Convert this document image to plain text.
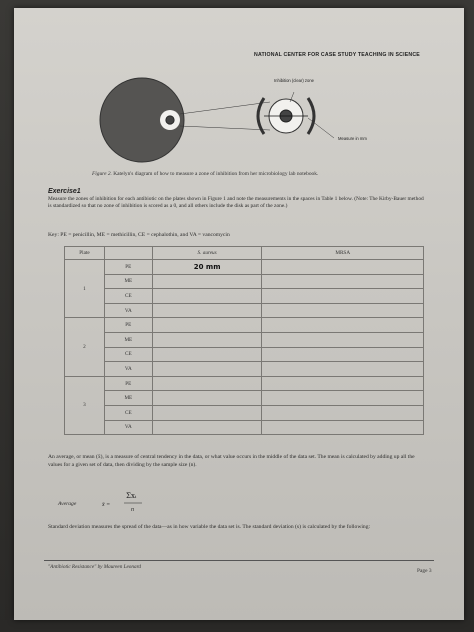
NATIONAL CENTER FOR CASE STUDY TEACHING IN SCIENCE
Inhibition (clear) zone
Measure in mm
Figure 2. Katelyn's diagram of how to measure a zone of inhibition from her microbiology lab notebook.
Exercise1
Measure the zones of inhibition for each antibiotic on the plates shown in Figure 1 and note the measurements in the spaces in Table 1 below. (Note: The Kirby-Bauer method is standardized so that no zone of inhibition is scored as a 0, and all others include the disk as part of the zone.)
Key: PE = penicillin, ME = methicillin, CE = cephalothin, and VA = vancomycin
Plate		S. aureus	MRSA
1	PE	20 mm	
	ME		
	CE		
	VA		
2	PE		
	ME		
	CE		
	VA		
3	PE		
	ME		
	CE		
	VA		
An average, or mean (x̄), is a measure of central tendency in the data, or what value occurs in the middle of the data set. The mean is calculated by adding up all the values for a given set of data, then dividing by the sample size (n).
Average	x̄ =
Σxᵢ
n
Standard deviation measures the spread of the data—as in how variable the data set is. The standard deviation (s) is calculated by the following:
"Antibiotic Resistance" by Maureen Leonard
Page 3
